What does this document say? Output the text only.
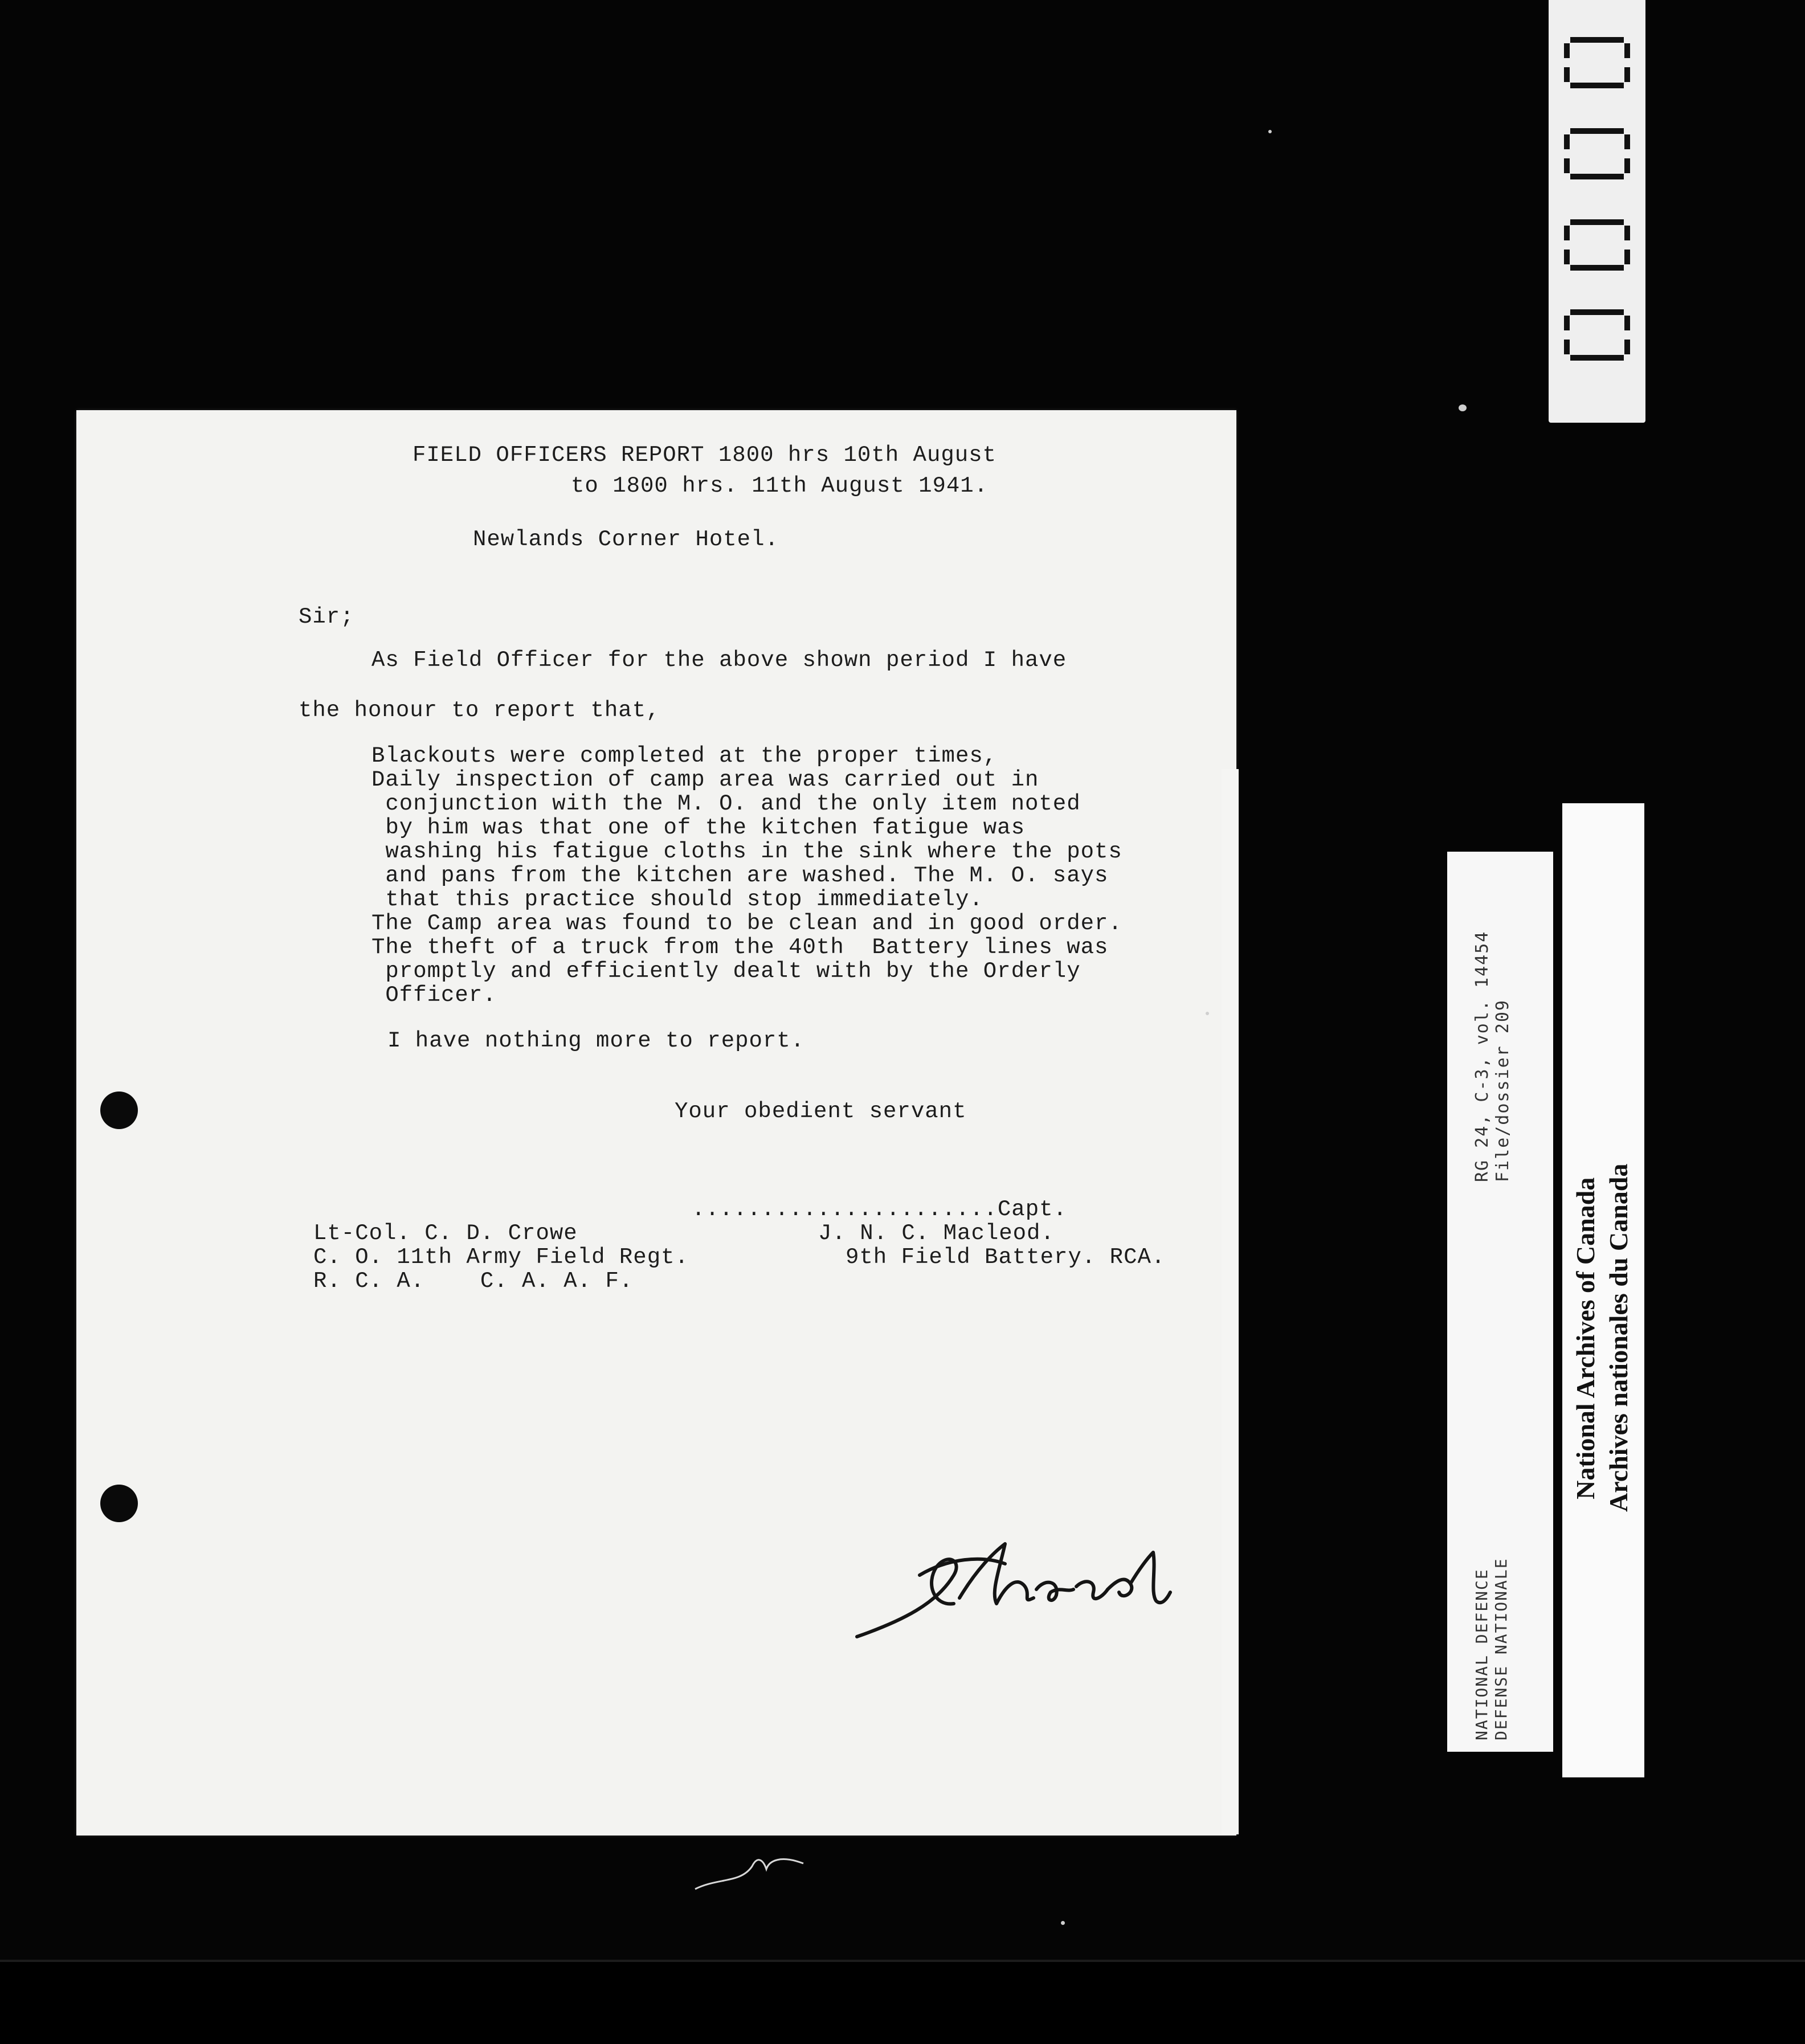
FIELD OFFICERS REPORT 1800 hrs 10th August
to 1800 hrs. 11th August 1941.
Newlands Corner Hotel.
Sir;
As Field Officer for the above shown period I have
the honour to report that,
Blackouts were completed at the proper times,
Daily inspection of camp area was carried out in
conjunction with the M. O. and the only item noted
by him was that one of the kitchen fatigue was
washing his fatigue cloths in the sink where the pots
and pans from the kitchen are washed. The M. O. says
that this practice should stop immediately.
The Camp area was found to be clean and in good order.
The theft of a truck from the 40th  Battery lines was
promptly and efficiently dealt with by the Orderly
Officer.
I have nothing more to report.
Your obedient servant
......................Capt.
Lt-Col. C. D. Crowe
C. O. 11th Army Field Regt.
R. C. A.    C. A. A. F.
J. N. C. Macleod.
9th Field Battery. RCA.
NATIONAL DEFENCE DEFENSE NATIONALE
RG 24, C-3, vol. 14454 File/dossier 209
National Archives of Canada Archives nationales du Canada
